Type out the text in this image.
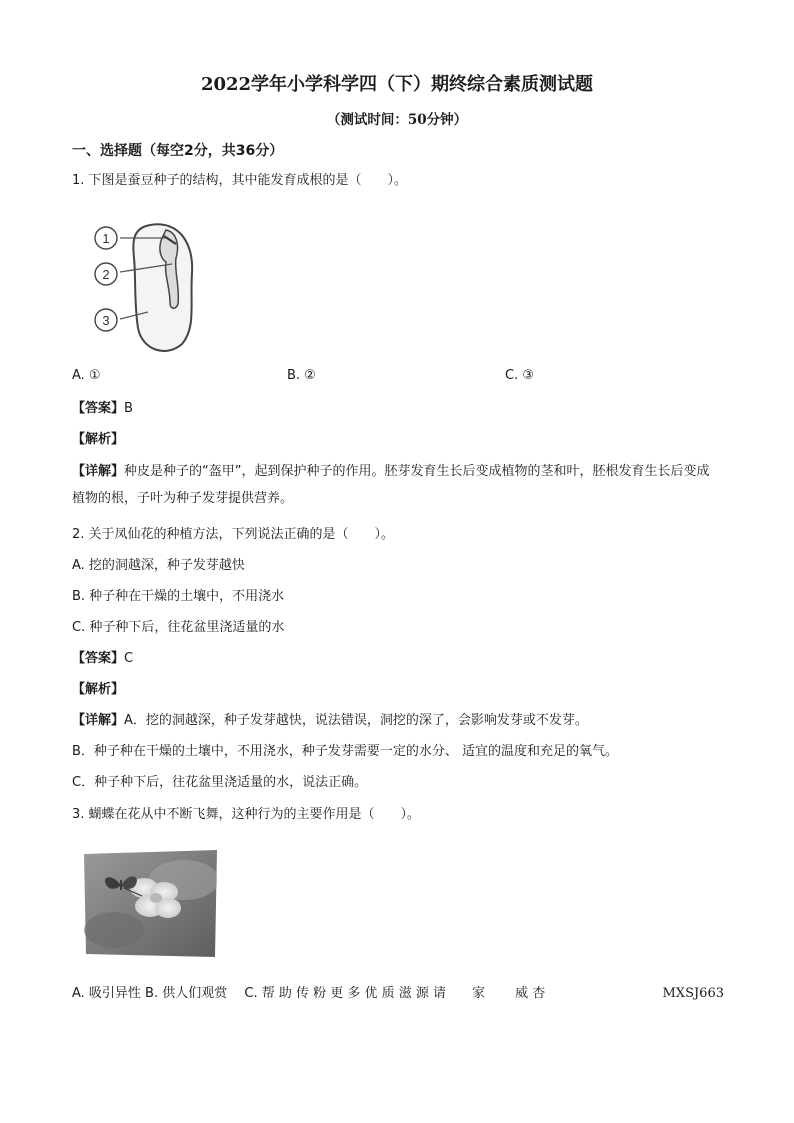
2022学年小学科学四（下）期终综合素质测试题
（测试时间：50分钟）
一、选择题（每空2分，共36分）
1. 下图是蚕豆种子的结构，其中能发育成根的是（　　）。
1
2
3
A. ①	B. ②	C. ③
【答案】B
【解析】
【详解】种皮是种子的“盔甲”，起到保护种子的作用。胚芽发育生长后变成植物的茎和叶，胚根发育生长后变成植物的根，子叶为种子发芽提供营养。
2. 关于凤仙花的种植方法，下列说法正确的是（　　）。
A. 挖的洞越深，种子发芽越快
B. 种子种在干燥的土壤中，不用浇水
C. 种子种下后，往花盆里浇适量的水
【答案】C
【解析】
【详解】A．挖的洞越深，种子发芽越快，说法错误，洞挖的深了，会影响发芽或不发芽。
B．种子种在干燥的土壤中，不用浇水，种子发芽需要一定的水分、 适宜的温度和充足的氧气。
C．种子种下后，往花盆里浇适量的水，说法正确。
3. 蝴蝶在花从中不断飞舞，这种行为的主要作用是（　　）。
A. 吸引异性 B. 供人们观赏　 C. 帮 助 传 粉 更 多 优 质 滋 源 请　　家　　 威 杏	MXSJ663
